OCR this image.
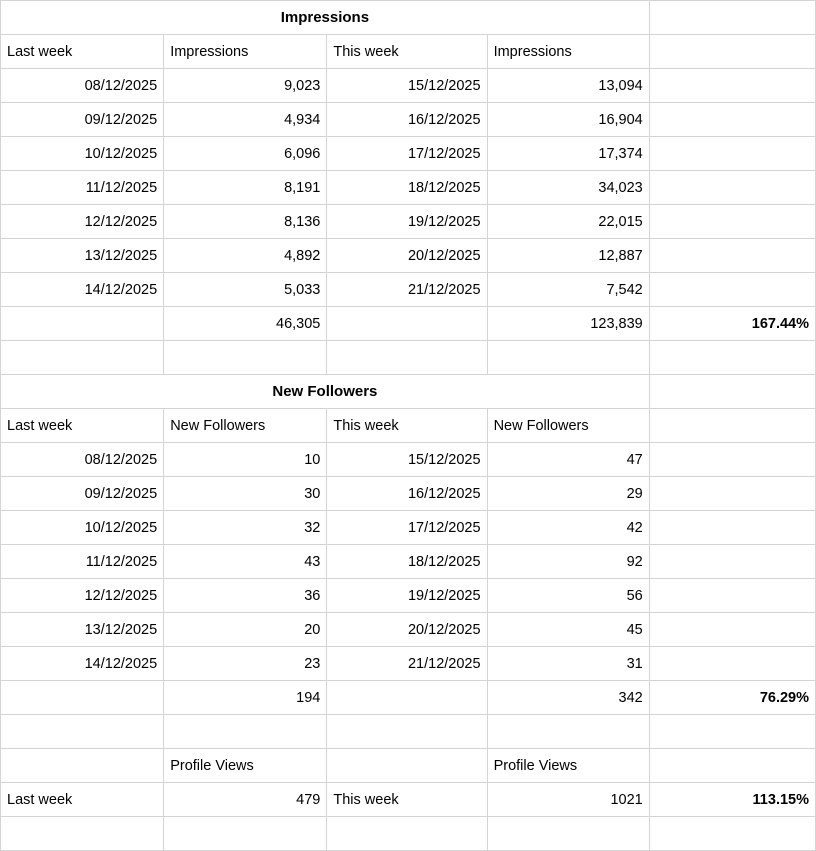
Impressions				
Last week	Impressions	This week	Impressions	
08/12/2025	9,023	15/12/2025	13,094	
09/12/2025	4,934	16/12/2025	16,904	
10/12/2025	6,096	17/12/2025	17,374	
11/12/2025	8,191	18/12/2025	34,023	
12/12/2025	8,136	19/12/2025	22,015	
13/12/2025	4,892	20/12/2025	12,887	
14/12/2025	5,033	21/12/2025	7,542	
	46,305		123,839	167.44%

New Followers				
Last week	New Followers	This week	New Followers	
08/12/2025	10	15/12/2025	47	
09/12/2025	30	16/12/2025	29	
10/12/2025	32	17/12/2025	42	
11/12/2025	43	18/12/2025	92	
12/12/2025	36	19/12/2025	56	
13/12/2025	20	20/12/2025	45	
14/12/2025	23	21/12/2025	31	
	194		342	76.29%

	Profile Views		Profile Views	
Last week	479	This week	1021	113.15%
